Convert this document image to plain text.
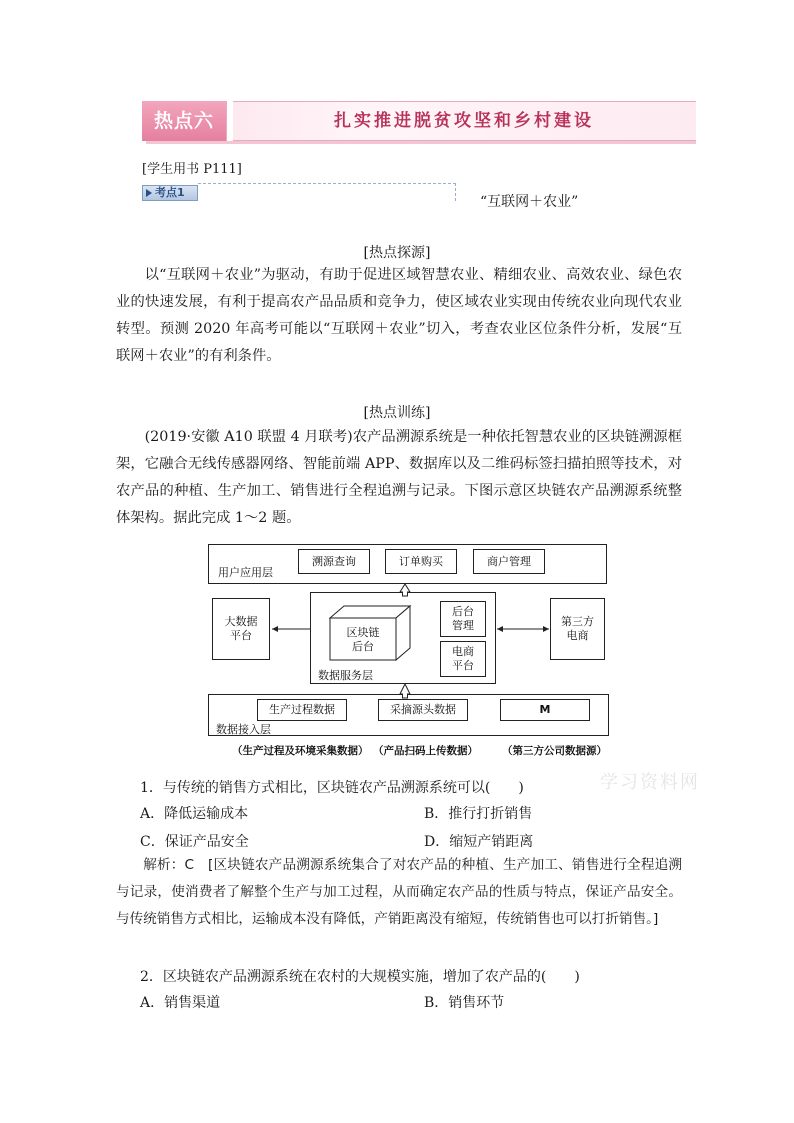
热点六	扎实推进脱贫攻坚和乡村建设
[学生用书 P111]
考点1
“互联网＋农业”
[热点探源]

以“互联网＋农业”为驱动，有助于促进区域智慧农业、精细农业、高效农业、绿色农业的快速发展，有利于提高农产品品质和竞争力，使区域农业实现由传统农业向现代农业转型。预测 2020 年高考可能以“互联网＋农业”切入，考查农业区位条件分析，发展“互联网＋农业”的有利条件。

[热点训练]

(2019·安徽 A10 联盟 4 月联考)农产品溯源系统是一种依托智慧农业的区块链溯源框架，它融合无线传感器网络、智能前端 APP、数据库以及二维码标签扫描拍照等技术，对农产品的种植、生产加工、销售进行全程追溯与记录。下图示意区块链农产品溯源系统整体架构。据此完成 1～2 题。

用户应用层
溯源查询	订单购买	商户管理
大数据
平台
第三方
电商
数据服务层
后台
管理
电商
平台
数据接入层
生产过程数据	采摘源头数据	M
（生产过程及环境采集数据） （产品扫码上传数据） （第三方公司数据源）
区块链
后台
1．与传统的销售方式相比，区块链农产品溯源系统可以(　　)	学习资料网
A．降低运输成本	B．推行打折销售
C．保证产品安全	D．缩短产销距离

解析：C　 [区块链农产品溯源系统集合了对农产品的种植、生产加工、销售进行全程追溯与记录，使消费者了解整个生产与加工过程，从而确定农产品的性质与特点，保证产品安全。与传统销售方式相比，运输成本没有降低，产销距离没有缩短，传统销售也可以打折销售。]

2．区块链农产品溯源系统在农村的大规模实施，增加了农产品的(　　)
A．销售渠道	B．销售环节
